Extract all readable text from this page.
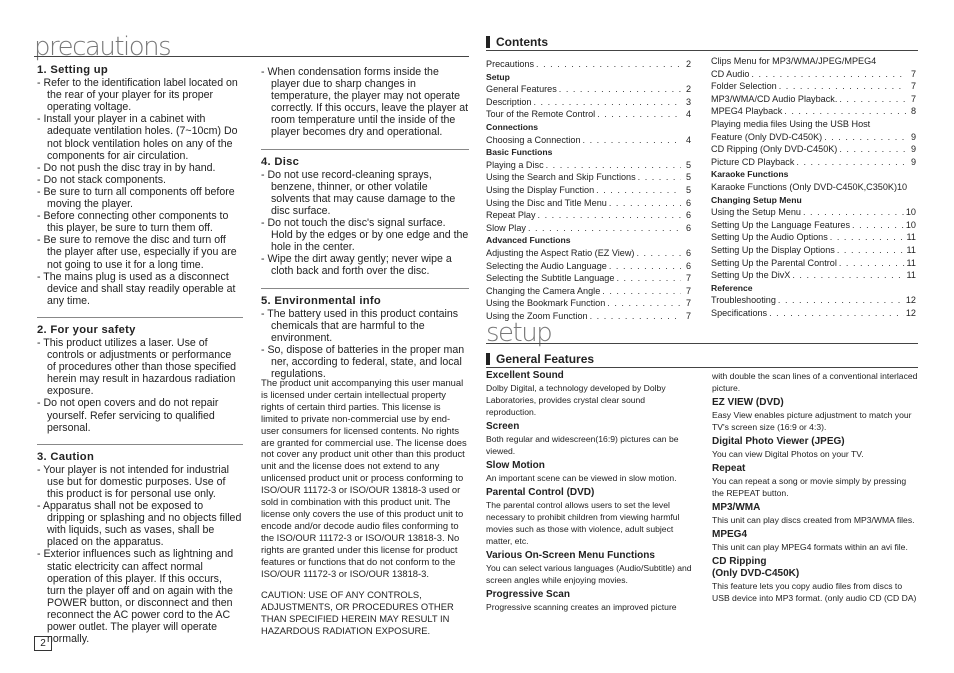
precautions
1. Setting up
- Refer to the identification label located on the rear of your player for its proper operating voltage.
- Install your player in a cabinet with adequate ventilation holes. (7~10cm) Do not block ventilation holes on any of the components for air circulation.
- Do not push the disc tray in by hand.
- Do not stack components.
- Be sure to turn all components off before moving the player.
- Before connecting other components to this player, be sure to turn them off.
- Be sure to remove the disc and turn off the player after use, especially if you are not going to use it for a long time.
- The mains plug is used as a disconnect device and shall stay readily operable at any time.
2. For your safety
- This product utilizes a laser. Use of controls or adjustments or performance of procedures other than those specified herein may result in hazardous radiation exposure.
- Do not open covers and do not repair yourself. Refer servicing to qualified personal.
3. Caution
- Your player is not intended for industrial use but for domestic purposes. Use of this product is for personal use only.
- Apparatus shall not be exposed to dripping or splashing and no objects filled with liquids, such as vases, shall be placed on the apparatus.
- Exterior influences such as lightning and static electricity can affect normal operation of this player. If this occurs, turn the player off and on again with the POWER button, or disconnect and then reconnect the AC power cord to the AC power outlet. The player will operate normally.
- When condensation forms inside the player due to sharp changes in temperature, the player may not operate correctly. If this occurs, leave the player at room temperature until the inside of the player becomes dry and operational.
4. Disc
- Do not use record-cleaning sprays, benzene, thinner, or other volatile solvents that may cause damage to the disc surface.
- Do not touch the disc's signal surface. Hold by the edges or by one edge and the hole in the center.
- Wipe the dirt away gently; never wipe a cloth back and forth over the disc.
5. Environmental info
- The battery used in this product contains chemicals that are harmful to the environment.
- So, dispose of batteries in the proper man ner, according to federal, state, and local regulations.

The product unit accompanying this user manual is licensed under certain intellectual property rights of certain third parties. This license is limited to private non-commercial use by end-user consumers for licensed contents. No rights are granted for commercial use. The license does not cover any product unit other than this product unit and the license does not extend to any unlicensed product unit or process conforming to ISO/OUR 11172-3 or ISO/OUR 13818-3 used or sold in combination with this product unit. The license only covers the use of this product unit to encode and/or decode audio files conforming to the ISO/OUR 11172-3 or ISO/OUR 13818-3. No rights are granted under this license for product features or functions that do not conform to the ISO/OUR 11172-3 or ISO/OUR 13818-3.

CAUTION: USE OF ANY CONTROLS, ADJUSTMENTS, OR PROCEDURES OTHER THAN SPECIFIED HEREIN MAY RESULT IN HAZARDOUS RADIATION EXPOSURE.

Contents
Precautions . . .	2
Setup
General Features . . .	2
Description . . .	3
Tour of the Remote Control . . .	4
Connections
Choosing a Connection . . .	4
Basic Functions
Playing a Disc . . .	5
Using the Search and Skip Functions . . .	5
Using the Display Function . . .	5
Using the Disc and Title Menu . . .	6
Repeat Play . . .	6
Slow Play . . .	6
Advanced Functions
Adjusting the Aspect Ratio (EZ View) . . .	6
Selecting the Audio Language . . .	6
Selecting the Subtitle Language . . .	7
Changing the Camera Angle . . .	7
Using the Bookmark Function . . .	7
Using the Zoom Function . . .	7
Clips Menu for MP3/WMA/JPEG/MPEG4
CD Audio . . .	7
Folder Selection . . .	7
MP3/WMA/CD Audio Playback. . . .	7
MPEG4 Playback . . .	8
Playing media files Using the USB Host
Feature (Only DVD-C450K) . . .	9
CD Ripping (Only DVD-C450K) . . .	9
Picture CD Playback . . .	9
Karaoke Functions
Karaoke Functions (Only DVD-C450K,C350K)10
Changing Setup Menu
Using the Setup Menu . . .	10
Setting Up the Language Features . . .	10
Setting Up the Audio Options . . .	11
Setting Up the Display Options . . .	11
Setting Up the Parental Control . . .	11
Setting Up the DivX . . .	11
Reference
Troubleshooting . . .	12
Specifications . . .	12
setup
General Features
Excellent Sound
Dolby Digital, a technology developed by Dolby Laboratories, provides crystal clear sound reproduction.
Screen
Both regular and widescreen(16:9) pictures can be viewed.
Slow Motion
An important scene can be viewed in slow motion.
Parental Control (DVD)
The parental control allows users to set the level necessary to prohibit children from viewing harmful movies such as those with violence, adult subject matter, etc.
Various On-Screen Menu Functions
You can select various languages (Audio/Subtitle) and screen angles while enjoying movies.
Progressive Scan
Progressive scanning creates an improved picture
with double the scan lines of a conventional interlaced picture.
EZ VIEW (DVD)
Easy View enables picture adjustment to match your TV's screen size (16:9 or 4:3).
Digital Photo Viewer (JPEG)
You can view Digital Photos on your TV.
Repeat
You can repeat a song or movie simply by pressing the REPEAT button.
MP3/WMA
This unit can play discs created from MP3/WMA files.
MPEG4
This unit can play MPEG4 formats within an avi file.
CD Ripping
(Only DVD-C450K)
This feature lets you copy audio files from discs to USB device into MP3 format. (only audio CD (CD DA)
2
